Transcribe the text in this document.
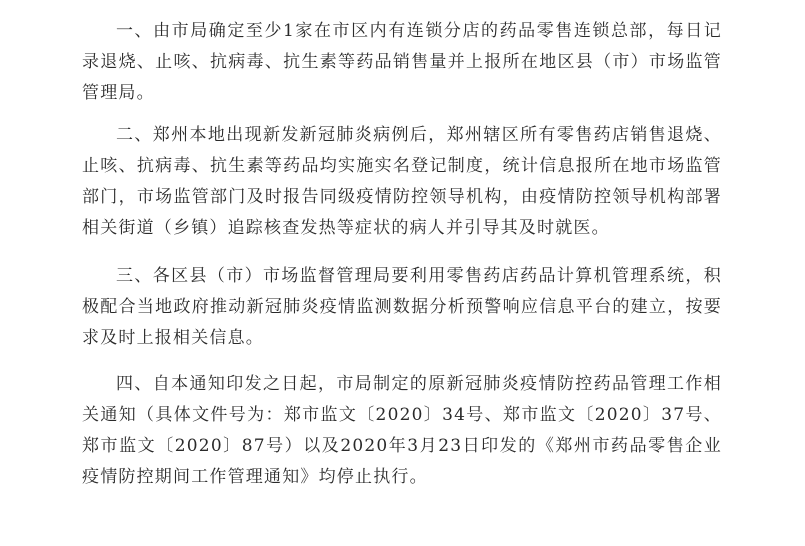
一、由市局确定至少1家在市区内有连锁分店的药品零售连锁总部，每日记录退烧、止咳、抗病毒、抗生素等药品销售量并上报所在地区县（市）市场监管管理局。

二、郑州本地出现新发新冠肺炎病例后，郑州辖区所有零售药店销售退烧、止咳、抗病毒、抗生素等药品均实施实名登记制度，统计信息报所在地市场监管部门，市场监管部门及时报告同级疫情防控领导机构，由疫情防控领导机构部署相关街道（乡镇）追踪核查发热等症状的病人并引导其及时就医。

三、各区县（市）市场监督管理局要利用零售药店药品计算机管理系统，积极配合当地政府推动新冠肺炎疫情监测数据分析预警响应信息平台的建立，按要求及时上报相关信息。

四、自本通知印发之日起，市局制定的原新冠肺炎疫情防控药品管理工作相关通知（具体文件号为：郑市监文〔2020〕34号、郑市监文〔2020〕37号、郑市监文〔2020〕87号）以及2020年3月23日印发的《郑州市药品零售企业疫情防控期间工作管理通知》均停止执行。
